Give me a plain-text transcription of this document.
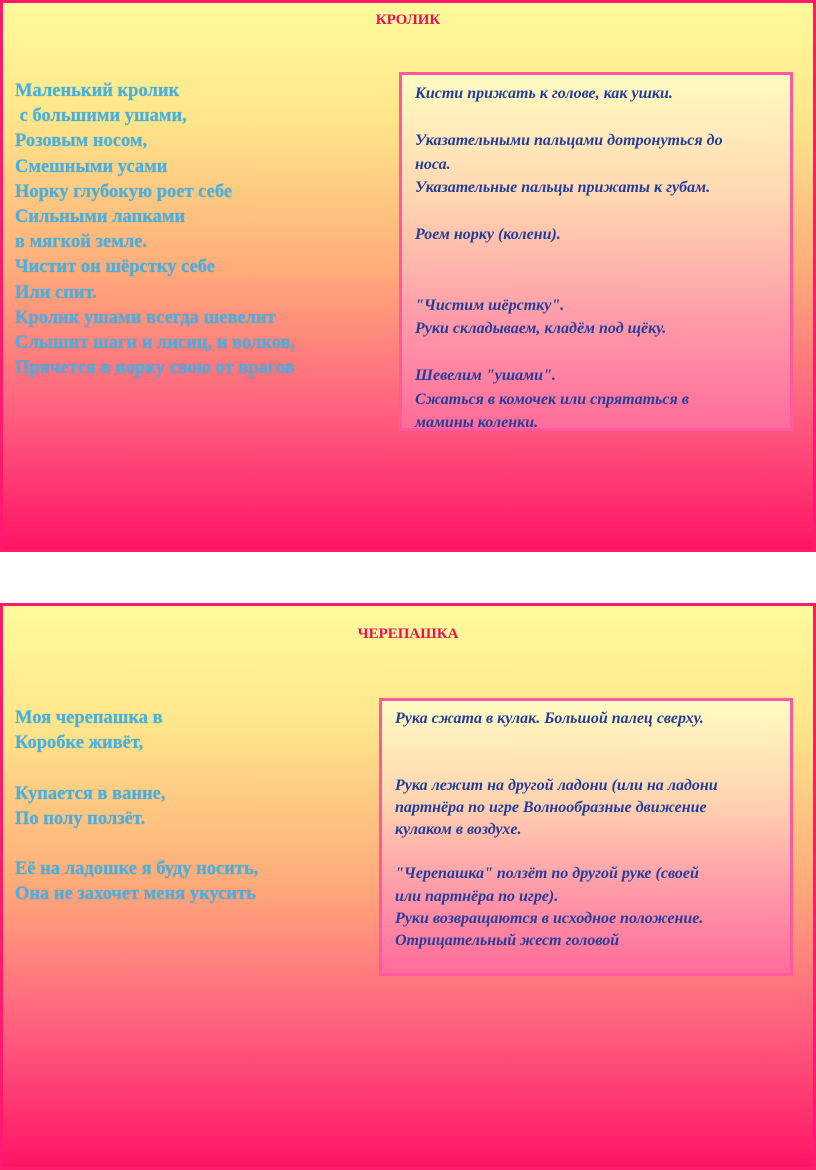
КРОЛИК
Маленький кролик
с большими ушами,
Розовым носом,
Смешными усами
Норку глубокую роет себе
Сильными лапками
в мягкой земле.
Чистит он шёрстку себе
Или спит.
Кролик ушами всегда шевелит
Слышит шаги и лисиц, и волков,
Прячется в норку свою от врагов
Кисти прижать к голове, как ушки.
Указательными пальцами дотронуться до
носа.
Указательные пальцы прижаты к губам.
Роем норку (колени).
"Чистим шёрстку".
Руки складываем, кладём под щёку.
Шевелим "ушами".
Сжаться в комочек или спрятаться в
мамины коленки.
ЧЕРЕПАШКА
Моя черепашка в
Коробке живёт,
Купается в ванне,
По полу ползёт.
Её на ладошке я буду носить,
Она не захочет меня укусить
Рука сжата в кулак. Большой палец сверху.
Рука лежит на другой ладони (или на ладони
партнёра по игре Волнообразные движение
кулаком в воздухе.
"Черепашка" ползёт по другой руке (своей
или партнёра по игре).
Руки возвращаются в исходное положение.
Отрицательный жест головой
